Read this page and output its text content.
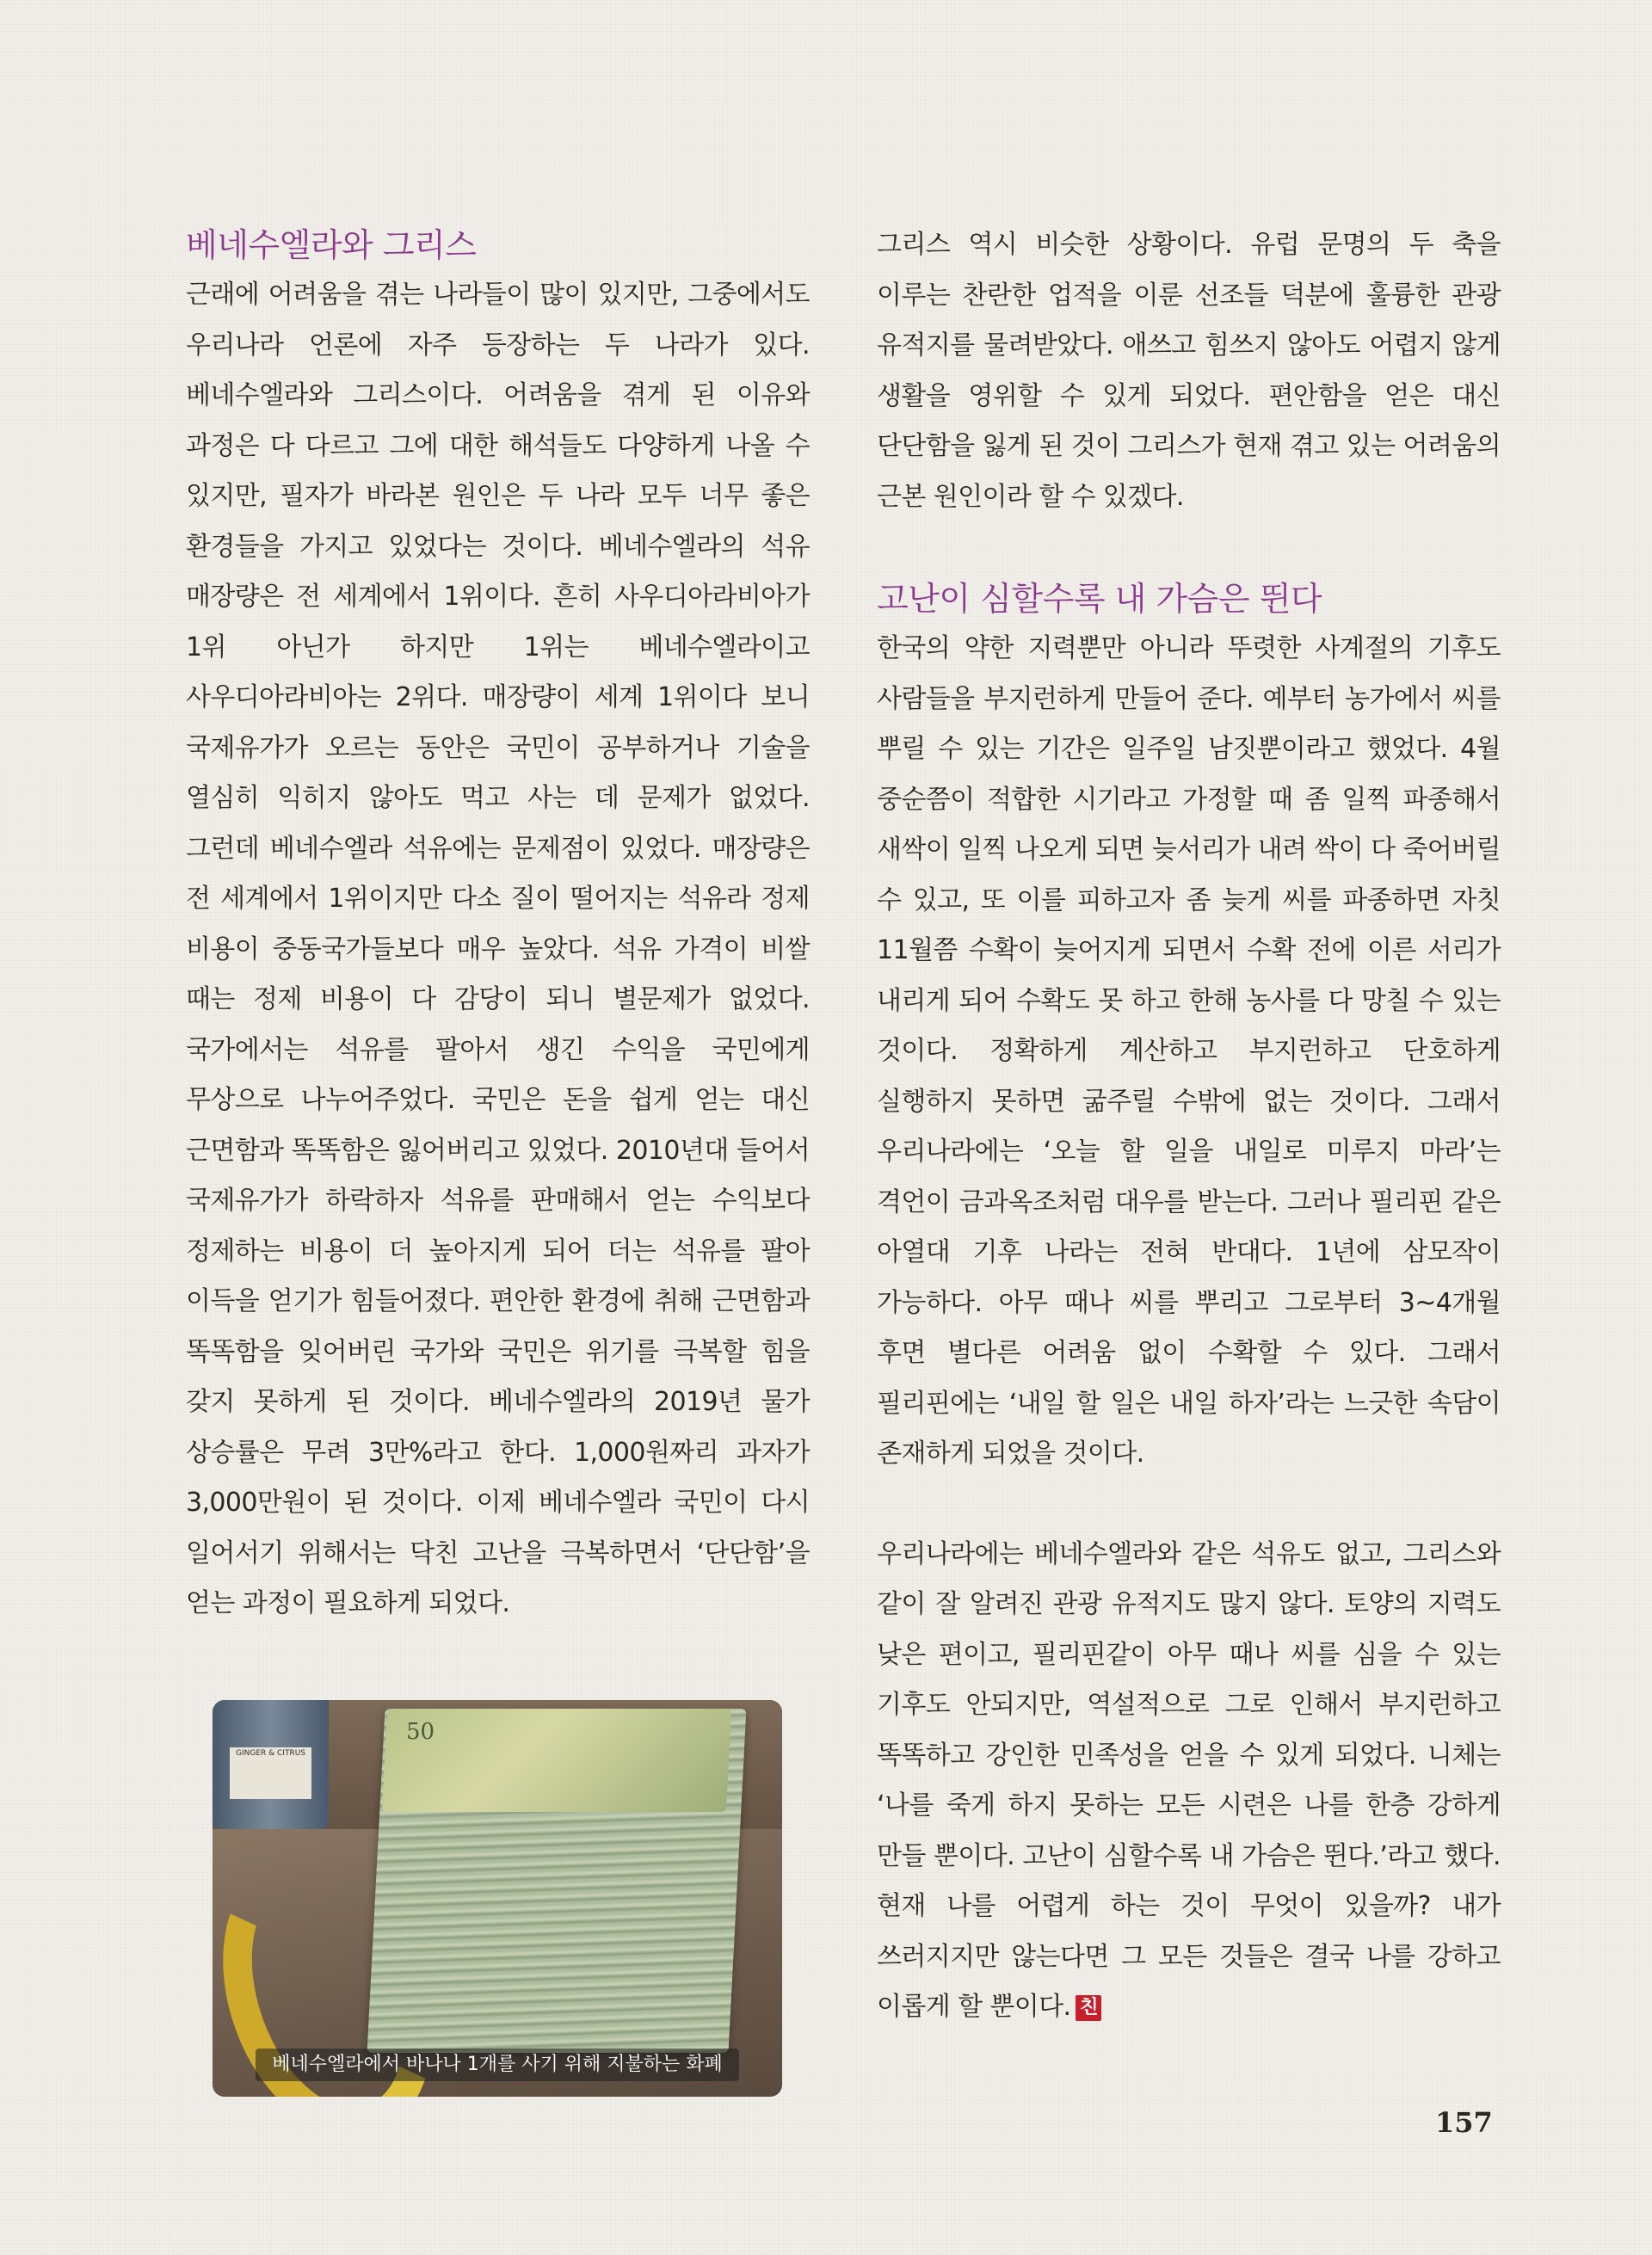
베네수엘라와 그리스

근래에 어려움을 겪는 나라들이 많이 있지만, 그중에서도 우리나라 언론에 자주 등장하는 두 나라가 있다. 베네수엘라와 그리스이다. 어려움을 겪게 된 이유와 과정은 다 다르고 그에 대한 해석들도 다양하게 나올 수 있지만, 필자가 바라본 원인은 두 나라 모두 너무 좋은 환경들을 가지고 있었다는 것이다. 베네수엘라의 석유 매장량은 전 세계에서 1위이다. 흔히 사우디아라비아가 1위 아닌가 하지만 1위는 베네수엘라이고 사우디아라비아는 2위다. 매장량이 세계 1위이다 보니 국제유가가 오르는 동안은 국민이 공부하거나 기술을 열심히 익히지 않아도 먹고 사는 데 문제가 없었다. 그런데 베네수엘라 석유에는 문제점이 있었다. 매장량은 전 세계에서 1위이지만 다소 질이 떨어지는 석유라 정제 비용이 중동국가들보다 매우 높았다. 석유 가격이 비쌀 때는 정제 비용이 다 감당이 되니 별문제가 없었다. 국가에서는 석유를 팔아서 생긴 수익을 국민에게 무상으로 나누어주었다. 국민은 돈을 쉽게 얻는 대신 근면함과 똑똑함은 잃어버리고 있었다. 2010년대 들어서 국제유가가 하락하자 석유를 판매해서 얻는 수익보다 정제하는 비용이 더 높아지게 되어 더는 석유를 팔아 이득을 얻기가 힘들어졌다. 편안한 환경에 취해 근면함과 똑똑함을 잊어버린 국가와 국민은 위기를 극복할 힘을 갖지 못하게 된 것이다. 베네수엘라의 2019년 물가 상승률은 무려 3만%라고 한다. 1,000원짜리 과자가 3,000만원이 된 것이다. 이제 베네수엘라 국민이 다시 일어서기 위해서는 닥친 고난을 극복하면서 ‘단단함’을 얻는 과정이 필요하게 되었다.

GINGER & CITRUS
50
베네수엘라에서 바나나 1개를 사기 위해 지불하는 화폐

그리스 역시 비슷한 상황이다. 유럽 문명의 두 축을 이루는 찬란한 업적을 이룬 선조들 덕분에 훌륭한 관광 유적지를 물려받았다. 애쓰고 힘쓰지 않아도 어렵지 않게 생활을 영위할 수 있게 되었다. 편안함을 얻은 대신 단단함을 잃게 된 것이 그리스가 현재 겪고 있는 어려움의 근본 원인이라 할 수 있겠다.

고난이 심할수록 내 가슴은 뛴다

한국의 약한 지력뿐만 아니라 뚜렷한 사계절의 기후도 사람들을 부지런하게 만들어 준다. 예부터 농가에서 씨를 뿌릴 수 있는 기간은 일주일 남짓뿐이라고 했었다. 4월 중순쯤이 적합한 시기라고 가정할 때 좀 일찍 파종해서 새싹이 일찍 나오게 되면 늦서리가 내려 싹이 다 죽어버릴 수 있고, 또 이를 피하고자 좀 늦게 씨를 파종하면 자칫 11월쯤 수확이 늦어지게 되면서 수확 전에 이른 서리가 내리게 되어 수확도 못 하고 한해 농사를 다 망칠 수 있는 것이다. 정확하게 계산하고 부지런하고 단호하게 실행하지 못하면 굶주릴 수밖에 없는 것이다. 그래서 우리나라에는 ‘오늘 할 일을 내일로 미루지 마라’는 격언이 금과옥조처럼 대우를 받는다. 그러나 필리핀 같은 아열대 기후 나라는 전혀 반대다. 1년에 삼모작이 가능하다. 아무 때나 씨를 뿌리고 그로부터 3~4개월 후면 별다른 어려움 없이 수확할 수 있다. 그래서 필리핀에는 ‘내일 할 일은 내일 하자’라는 느긋한 속담이 존재하게 되었을 것이다.

우리나라에는 베네수엘라와 같은 석유도 없고, 그리스와 같이 잘 알려진 관광 유적지도 많지 않다. 토양의 지력도 낮은 편이고, 필리핀같이 아무 때나 씨를 심을 수 있는 기후도 안되지만, 역설적으로 그로 인해서 부지런하고 똑똑하고 강인한 민족성을 얻을 수 있게 되었다. 니체는 ‘나를 죽게 하지 못하는 모든 시련은 나를 한층 강하게 만들 뿐이다. 고난이 심할수록 내 가슴은 뛴다.’라고 했다. 현재 나를 어렵게 하는 것이 무엇이 있을까? 내가 쓰러지지만 않는다면 그 모든 것들은 결국 나를 강하고 이롭게 할 뿐이다. 친

157
